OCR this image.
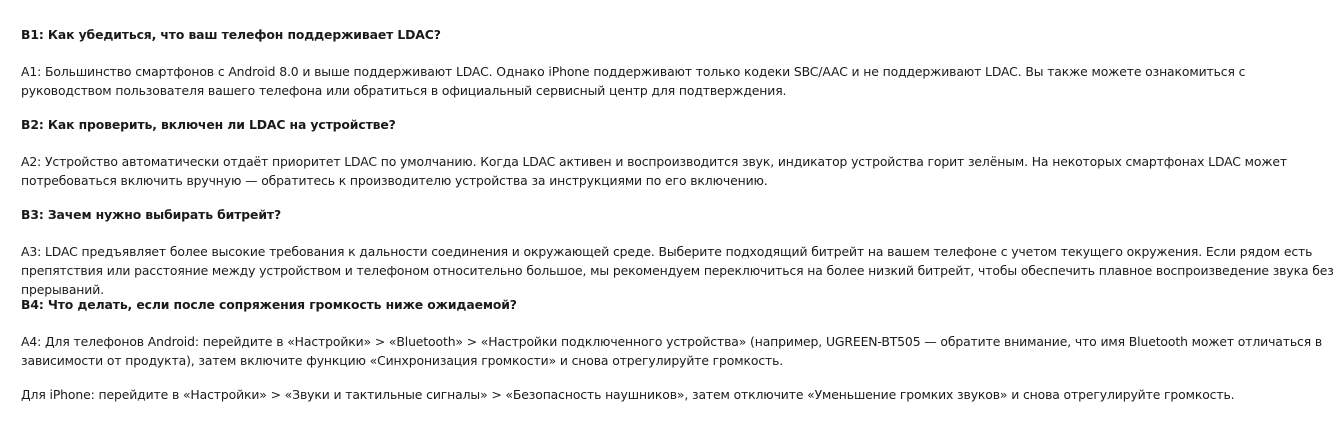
В1: Как убедиться, что ваш телефон поддерживает LDAC?
А1: Большинство смартфонов с Android 8.0 и выше поддерживают LDAC. Однако iPhone поддерживают только кодеки SBC/AAC и не поддерживают LDAC. Вы также можете ознакомиться с руководством пользователя вашего телефона или обратиться в официальный сервисный центр для подтверждения.
В2: Как проверить, включен ли LDAC на устройстве?
А2: Устройство автоматически отдаёт приоритет LDAC по умолчанию. Когда LDAC активен и воспроизводится звук, индикатор устройства горит зелёным. На некоторых смартфонах LDAC может потребоваться включить вручную — обратитесь к производителю устройства за инструкциями по его включению.
В3: Зачем нужно выбирать битрейт?
А3: LDAC предъявляет более высокие требования к дальности соединения и окружающей среде. Выберите подходящий битрейт на вашем телефоне с учетом текущего окружения. Если рядом есть препятствия или расстояние между устройством и телефоном относительно большое, мы рекомендуем переключиться на более низкий битрейт, чтобы обеспечить плавное воспроизведение звука без прерываний.
В4: Что делать, если после сопряжения громкость ниже ожидаемой?
А4: Для телефонов Android: перейдите в «Настройки» > «Bluetooth» > «Настройки подключенного устройства» (например, UGREEN-BT505 — обратите внимание, что имя Bluetooth может отличаться в зависимости от продукта), затем включите функцию «Синхронизация громкости» и снова отрегулируйте громкость.
Для iPhone: перейдите в «Настройки» > «Звуки и тактильные сигналы» > «Безопасность наушников», затем отключите «Уменьшение громких звуков» и снова отрегулируйте громкость.
